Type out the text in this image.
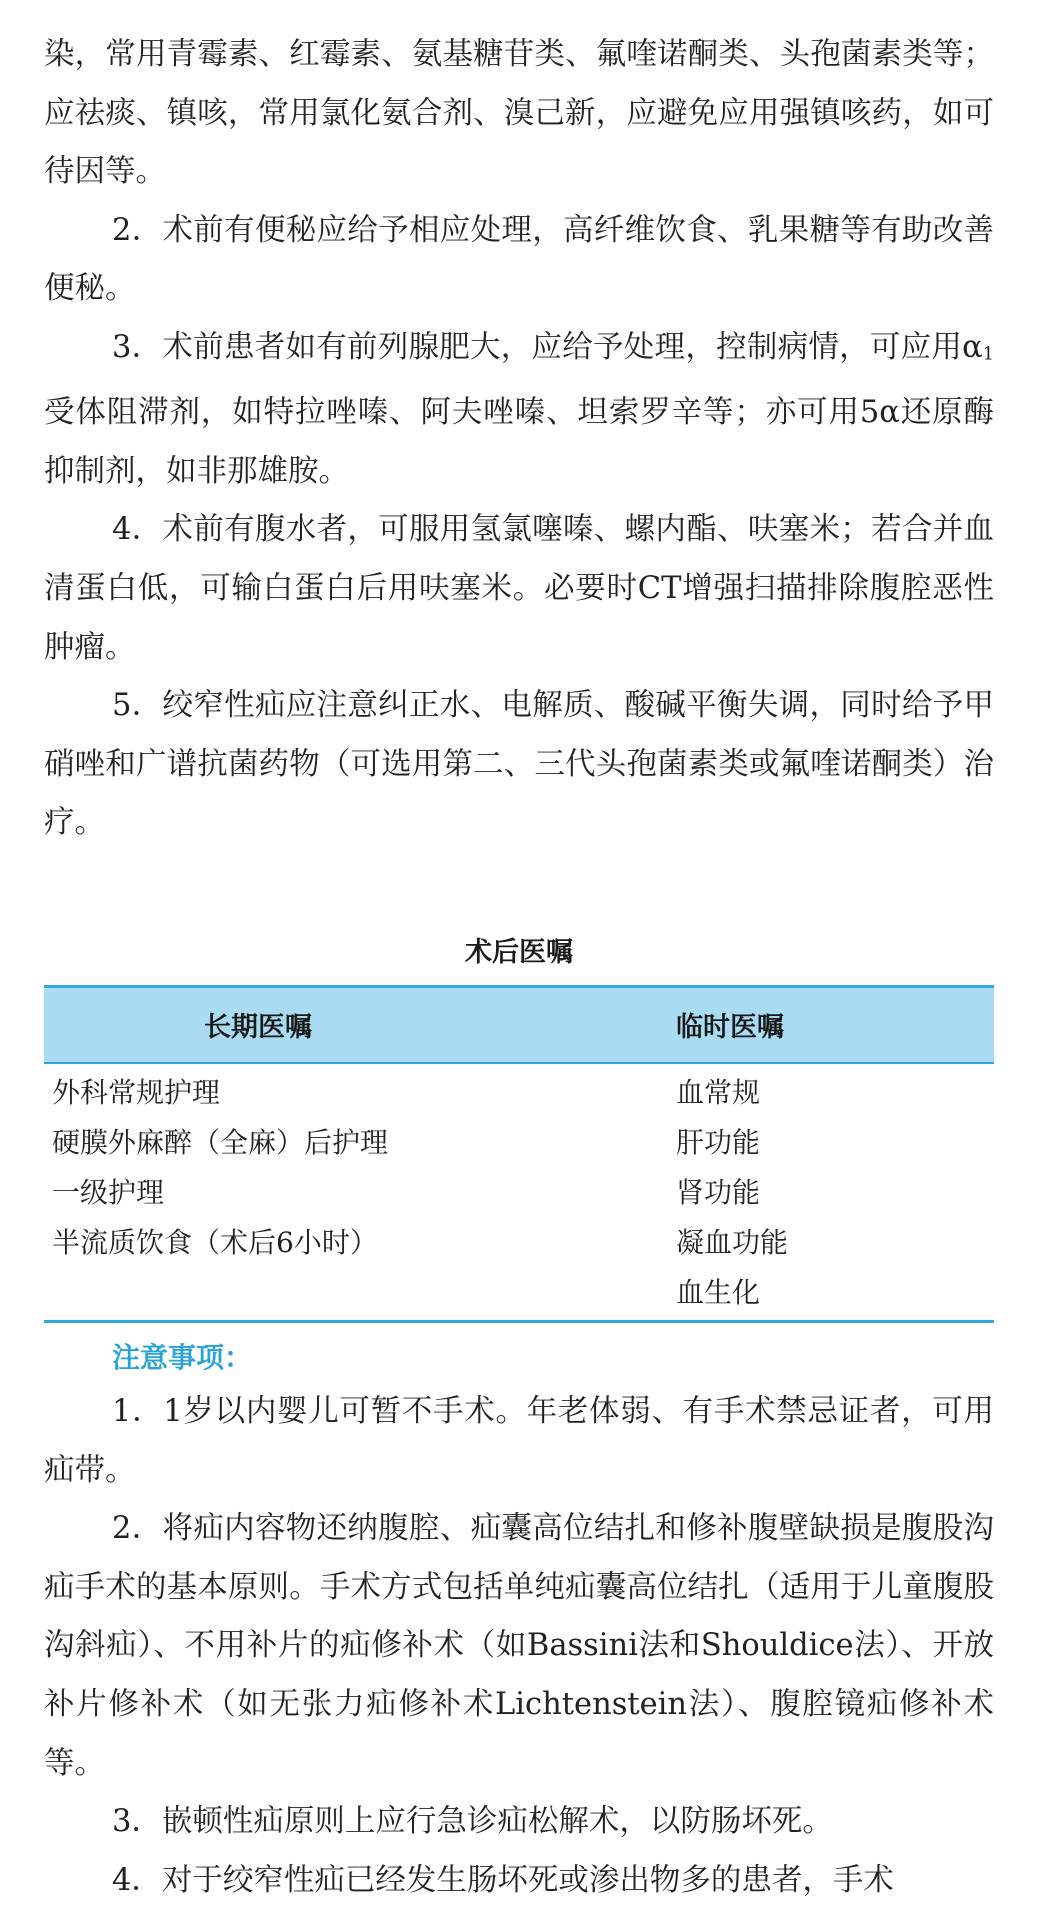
染，常用青霉素、红霉素、氨基糖苷类、氟喹诺酮类、头孢菌素类等；应祛痰、镇咳，常用氯化氨合剂、溴己新，应避免应用强镇咳药，如可待因等。

2．术前有便秘应给予相应处理，高纤维饮食、乳果糖等有助改善便秘。

3．术前患者如有前列腺肥大，应给予处理，控制病情，可应用α1受体阻滞剂，如特拉唑嗪、阿夫唑嗪、坦索罗辛等；亦可用5α还原酶抑制剂，如非那雄胺。

4．术前有腹水者，可服用氢氯噻嗪、螺内酯、呋塞米；若合并血清蛋白低，可输白蛋白后用呋塞米。必要时CT增强扫描排除腹腔恶性肿瘤。

5．绞窄性疝应注意纠正水、电解质、酸碱平衡失调，同时给予甲硝唑和广谱抗菌药物（可选用第二、三代头孢菌素类或氟喹诺酮类）治疗。

术后医嘱
长期医嘱	临时医嘱
外科常规护理	血常规
硬膜外麻醉（全麻）后护理	肝功能
一级护理	肾功能
半流质饮食（术后6小时）	凝血功能
	血生化
注意事项：

1．1岁以内婴儿可暂不手术。年老体弱、有手术禁忌证者，可用疝带。

2．将疝内容物还纳腹腔、疝囊高位结扎和修补腹壁缺损是腹股沟疝手术的基本原则。手术方式包括单纯疝囊高位结扎（适用于儿童腹股沟斜疝）、不用补片的疝修补术（如Bassini法和Shouldice法）、开放补片修补术（如无张力疝修补术Lichtenstein法）、腹腔镜疝修补术等。

3．嵌顿性疝原则上应行急诊疝松解术，以防肠坏死。

4．对于绞窄性疝已经发生肠坏死或渗出物多的患者，手术
